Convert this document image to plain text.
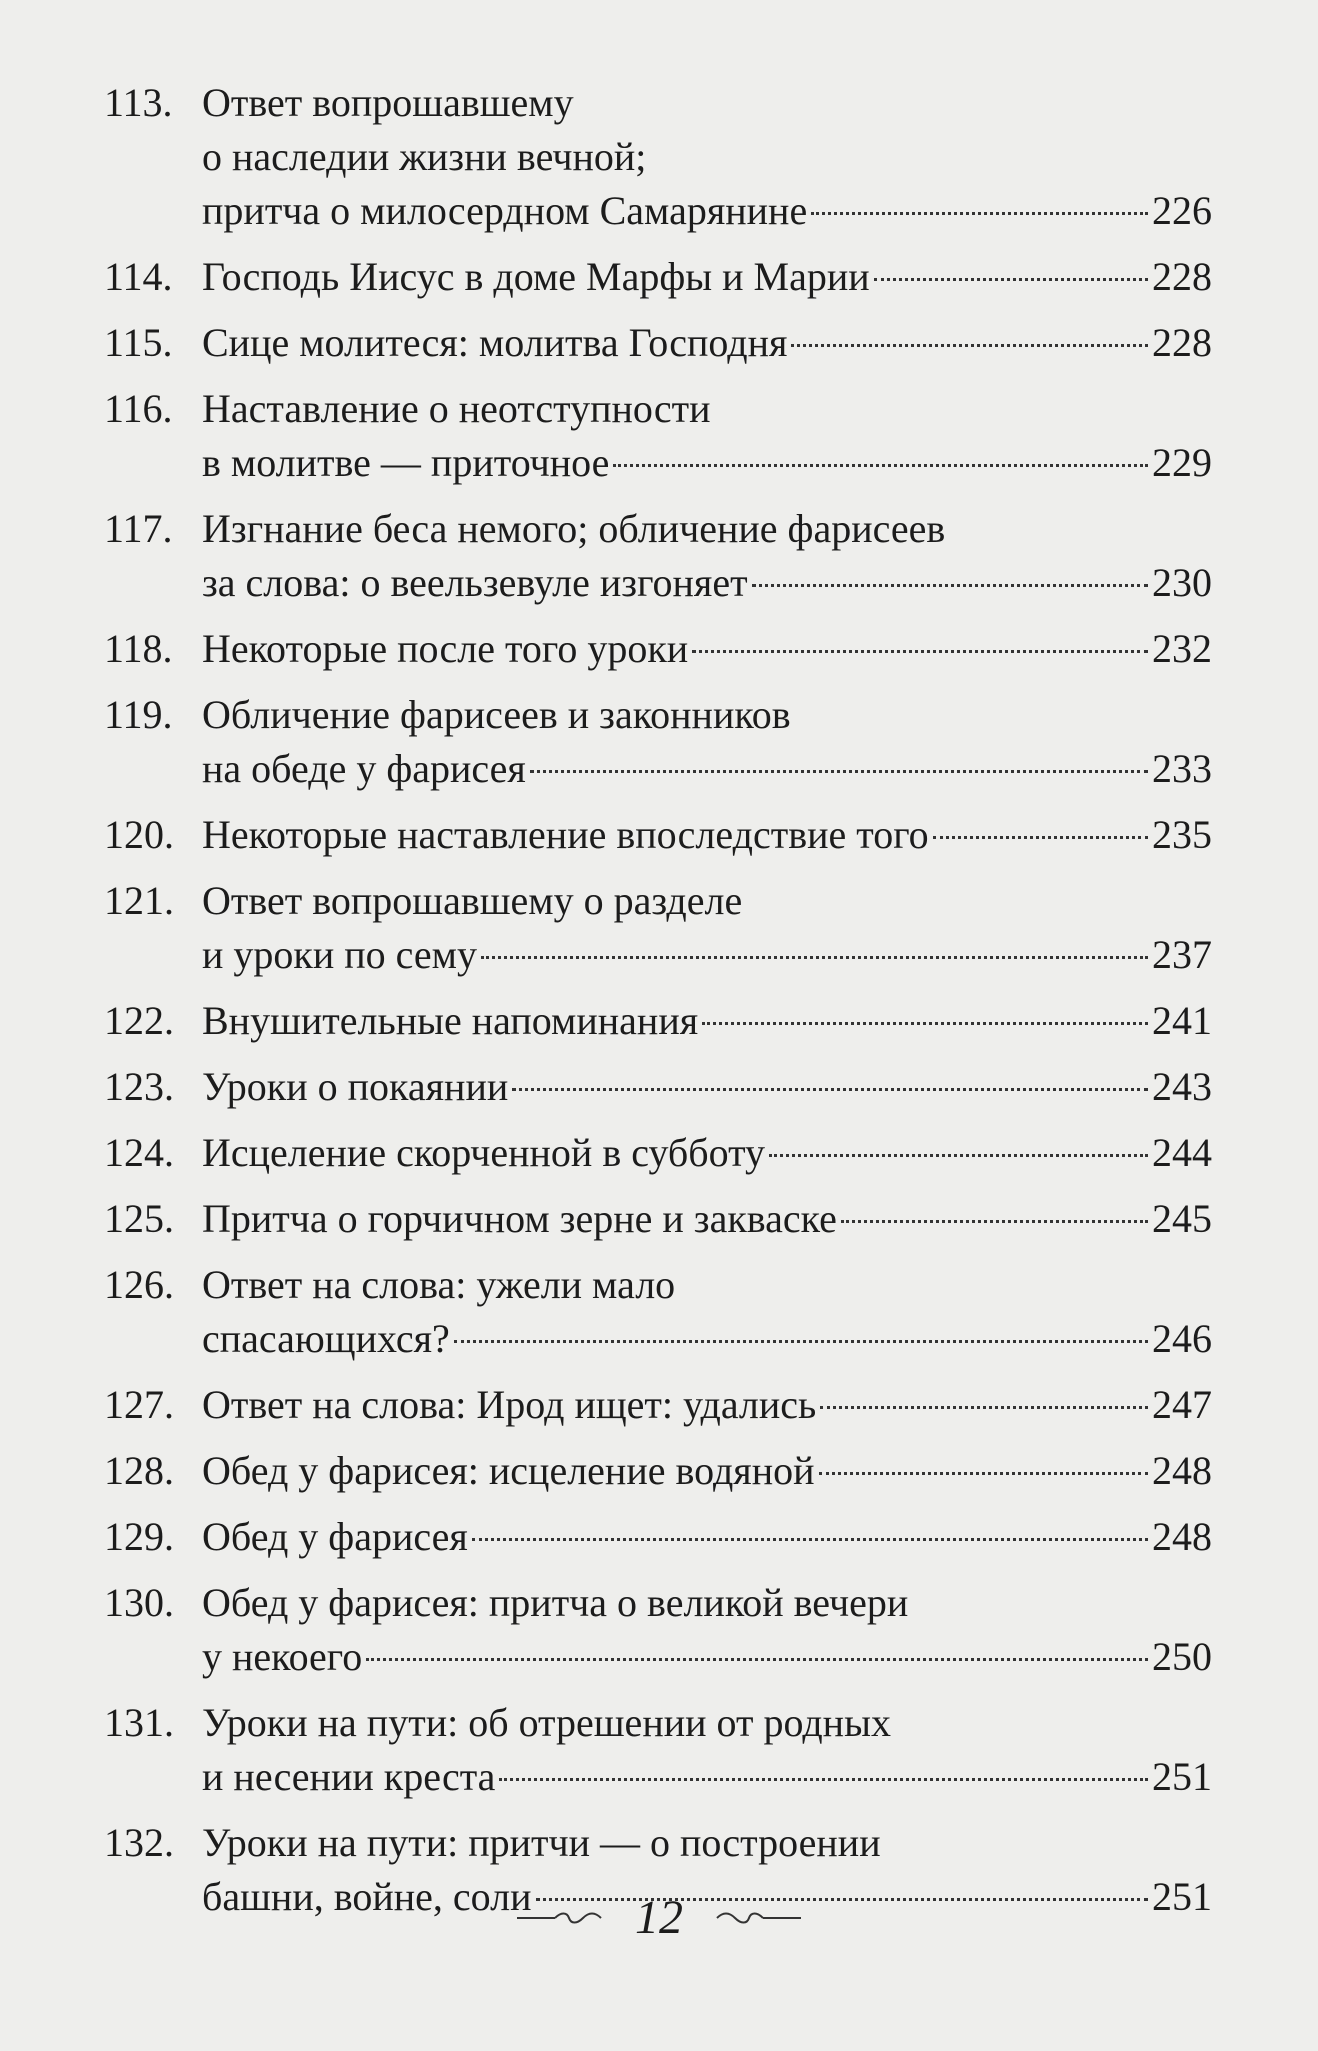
113. Ответ вопрошавшему
о наследии жизни вечной;
притча о милосердном Самарянине	226
114. Господь Иисус в доме Марфы и Марии	228
115. Сице молитеся: молитва Господня	228
116. Наставление о неотступности
в молитве — приточное	229
117. Изгнание беса немого; обличение фарисеев
за слова: о веельзевуле изгоняет	230
118. Некоторые после того уроки	232
119. Обличение фарисеев и законников
на обеде у фарисея	233
120. Некоторые наставление впоследствие того	235
121. Ответ вопрошавшему о разделе
и уроки по сему	237
122. Внушительные напоминания	241
123. Уроки о покаянии	243
124. Исцеление скорченной в субботу	244
125. Притча о горчичном зерне и закваске	245
126. Ответ на слова: ужели мало
спасающихся?	246
127. Ответ на слова: Ирод ищет: удались	247
128. Обед у фарисея: исцеление водяной	248
129. Обед у фарисея	248
130. Обед у фарисея: притча о великой вечери
у некоего	250
131. Уроки на пути: об отрешении от родных
и несении креста	251
132. Уроки на пути: притчи — о построении
башни, войне, соли	251
12
